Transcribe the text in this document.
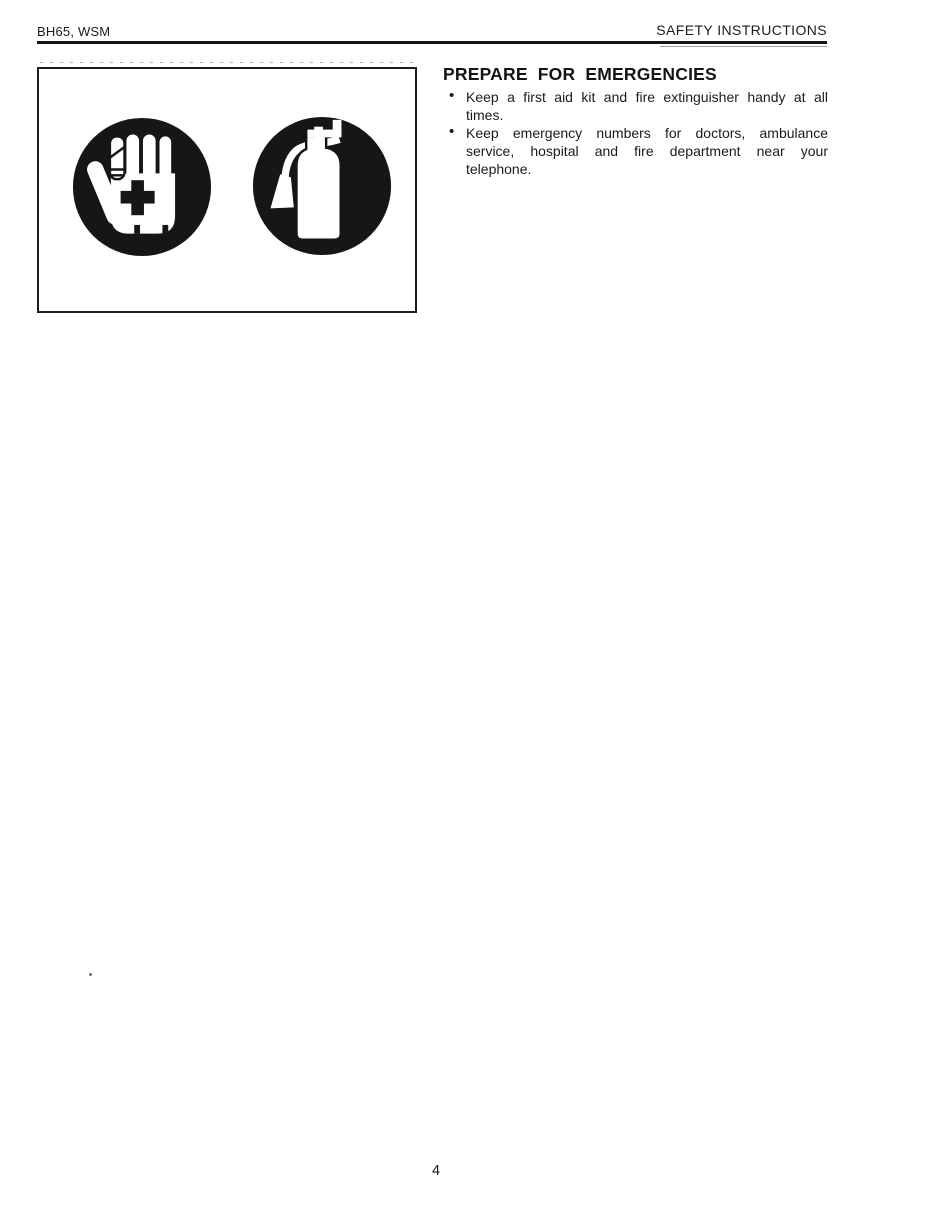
BH65, WSM	SAFETY INSTRUCTIONS
PREPARE FOR EMERGENCIES
• Keep a first aid kit and fire extinguisher handy at all
times.
• Keep emergency numbers for doctors, ambulance
service, hospital and fire department near your
telephone.
4
